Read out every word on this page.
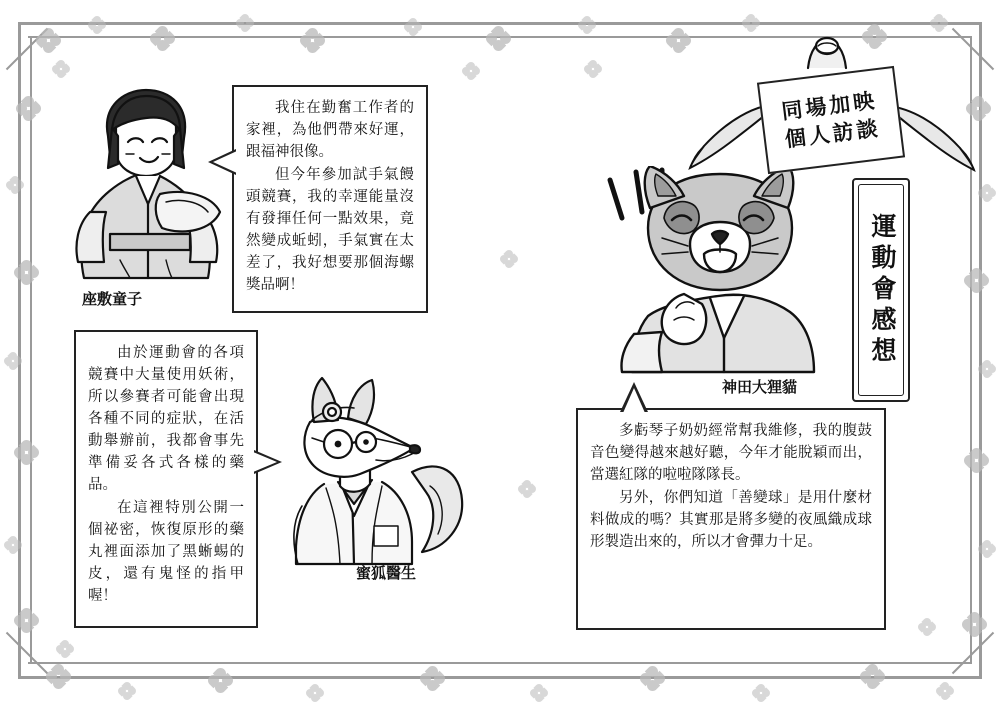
同場加映
個人訪談
運動會感想

我住在勤奮工作者的家裡，為他們帶來好運，跟福神很像。

但今年參加試手氣饅頭競賽，我的幸運能量沒有發揮任何一點效果，竟然變成蚯蚓，手氣實在太差了，我好想要那個海螺獎品啊！

由於運動會的各項競賽中大量使用妖術，所以參賽者可能會出現各種不同的症狀，在活動舉辦前，我都會事先準備妥各式各樣的藥品。

在這裡特別公開一個祕密，恢復原形的藥丸裡面添加了黑蜥蜴的皮，還有鬼怪的指甲喔！

多虧琴子奶奶經常幫我維修，我的腹鼓音色變得越來越好聽，今年才能脫穎而出，當選紅隊的啦啦隊隊長。

另外，你們知道「善變球」是用什麼材料做成的嗎？其實那是將多變的夜風織成球形製造出來的，所以才會彈力十足。

座敷童子
蜜狐醫生
神田大狸貓
